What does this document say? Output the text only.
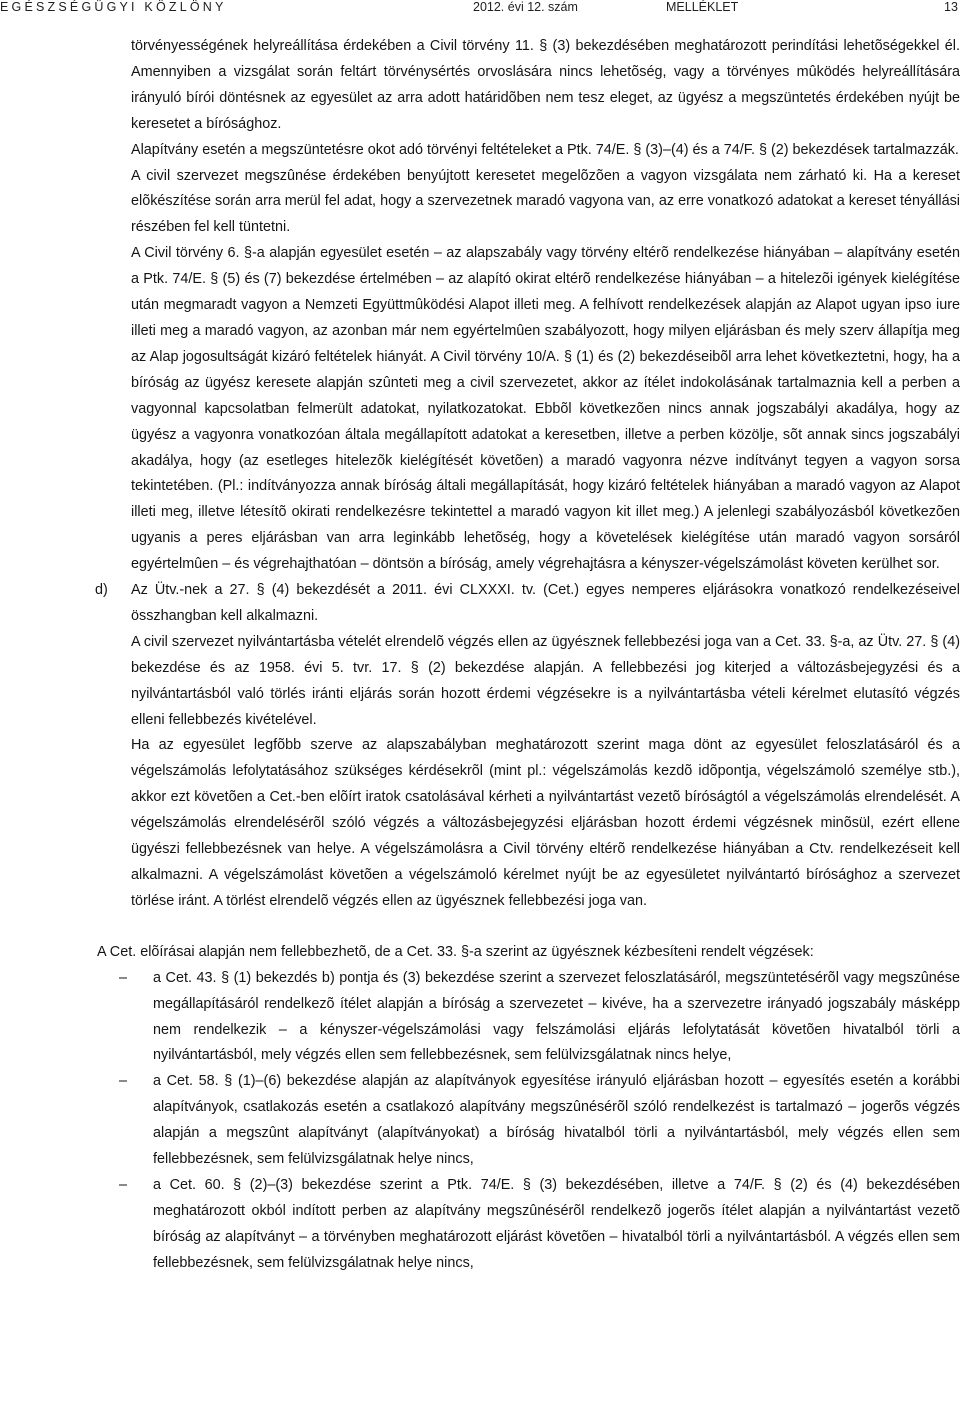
EGÉSZSÉGÜGYI KÖZLÖNY	2012. évi 12. szám	MELLÉKLET	13

törvényességének helyreállítása érdekében a Civil törvény 11. § (3) bekezdésében meghatározott perindítási lehetõségekkel él. Amennyiben a vizsgálat során feltárt törvénysértés orvoslására nincs lehetõség, vagy a törvényes mûködés helyreállítására irányuló bírói döntésnek az egyesület az arra adott határidõben nem tesz eleget, az ügyész a megszüntetés érdekében nyújt be keresetet a bírósághoz.

Alapítvány esetén a megszüntetésre okot adó törvényi feltételeket a Ptk. 74/E. § (3)–(4) és a 74/F. § (2) bekezdések tartalmazzák.

A civil szervezet megszûnése érdekében benyújtott keresetet megelõzõen a vagyon vizsgálata nem zárható ki. Ha a kereset elõkészítése során arra merül fel adat, hogy a szervezetnek maradó vagyona van, az erre vonatkozó adatokat a kereset tényállási részében fel kell tüntetni.

A Civil törvény 6. §-a alapján egyesület esetén – az alapszabály vagy törvény eltérõ rendelkezése hiányában – alapítvány esetén a Ptk. 74/E. § (5) és (7) bekezdése értelmében – az alapító okirat eltérõ rendelkezése hiányában – a hitelezõi igények kielégítése után megmaradt vagyon a Nemzeti Együttmûködési Alapot illeti meg. A felhívott rendelkezések alapján az Alapot ugyan ipso iure illeti meg a maradó vagyon, az azonban már nem egyértelmûen szabályozott, hogy milyen eljárásban és mely szerv állapítja meg az Alap jogosultságát kizáró feltételek hiányát. A Civil törvény 10/A. § (1) és (2) bekezdéseibõl arra lehet következtetni, hogy, ha a bíróság az ügyész keresete alapján szûnteti meg a civil szervezetet, akkor az ítélet indokolásának tartalmaznia kell a perben a vagyonnal kapcsolatban felmerült adatokat, nyilatkozatokat. Ebbõl következõen nincs annak jogszabályi akadálya, hogy az ügyész a vagyonra vonatkozóan általa megállapított adatokat a keresetben, illetve a perben közölje, sõt annak sincs jogszabályi akadálya, hogy (az esetleges hitelezõk kielégítését követõen) a maradó vagyonra nézve indítványt tegyen a vagyon sorsa tekintetében. (Pl.: indítványozza annak bíróság általi megállapítását, hogy kizáró feltételek hiányában a maradó vagyon az Alapot illeti meg, illetve létesítõ okirati rendelkezésre tekintettel a maradó vagyon kit illet meg.) A jelenlegi szabályozásból következõen ugyanis a peres eljárásban van arra leginkább lehetõség, hogy a követelések kielégítése után maradó vagyon sorsáról egyértelmûen – és végrehajthatóan – döntsön a bíróság, amely végrehajtásra a kényszer-végelszámolást követen kerülhet sor.

d) Az Ütv.-nek a 27. § (4) bekezdését a 2011. évi CLXXXI. tv. (Cet.) egyes nemperes eljárásokra vonatkozó rendelkezéseivel összhangban kell alkalmazni.

A civil szervezet nyilvántartásba vételét elrendelõ végzés ellen az ügyésznek fellebbezési joga van a Cet. 33. §-a, az Ütv. 27. § (4) bekezdése és az 1958. évi 5. tvr. 17. § (2) bekezdése alapján. A fellebbezési jog kiterjed a változásbejegyzési és a nyilvántartásból való törlés iránti eljárás során hozott érdemi végzésekre is a nyilvántartásba vételi kérelmet elutasító végzés elleni fellebbezés kivételével.

Ha az egyesület legfõbb szerve az alapszabályban meghatározott szerint maga dönt az egyesület feloszlatásáról és a végelszámolás lefolytatásához szükséges kérdésekrõl (mint pl.: végelszámolás kezdõ idõpontja, végelszámoló személye stb.), akkor ezt követõen a Cet.-ben elõírt iratok csatolásával kérheti a nyilvántartást vezetõ bíróságtól a végelszámolás elrendelését. A végelszámolás elrendelésérõl szóló végzés a változásbejegyzési eljárásban hozott érdemi végzésnek minõsül, ezért ellene ügyészi fellebbezésnek van helye. A végelszámolásra a Civil törvény eltérõ rendelkezése hiányában a Ctv. rendelkezéseit kell alkalmazni. A végelszámolást követõen a végelszámoló kérelmet nyújt be az egyesületet nyilvántartó bírósághoz a szervezet törlése iránt. A törlést elrendelõ végzés ellen az ügyésznek fellebbezési joga van.

A Cet. elõírásai alapján nem fellebbezhetõ, de a Cet. 33. §-a szerint az ügyésznek kézbesíteni rendelt végzések:

– a Cet. 43. § (1) bekezdés b) pontja és (3) bekezdése szerint a szervezet feloszlatásáról, megszüntetésérõl vagy megszûnése megállapításáról rendelkezõ ítélet alapján a bíróság a szervezetet – kivéve, ha a szervezetre irányadó jogszabály másképp nem rendelkezik – a kényszer-végelszámolási vagy felszámolási eljárás lefolytatását követõen hivatalból törli a nyilvántartásból, mely végzés ellen sem fellebbezésnek, sem felülvizsgálatnak nincs helye,
– a Cet. 58. § (1)–(6) bekezdése alapján az alapítványok egyesítése irányuló eljárásban hozott – egyesítés esetén a korábbi alapítványok, csatlakozás esetén a csatlakozó alapítvány megszûnésérõl szóló rendelkezést is tartalmazó – jogerõs végzés alapján a megszûnt alapítványt (alapítványokat) a bíróság hivatalból törli a nyilvántartásból, mely végzés ellen sem fellebbezésnek, sem felülvizsgálatnak helye nincs,
– a Cet. 60. § (2)–(3) bekezdése szerint a Ptk. 74/E. § (3) bekezdésében, illetve a 74/F. § (2) és (4) bekezdésében meghatározott okból indított perben az alapítvány megszûnésérõl rendelkezõ jogerõs ítélet alapján a nyilvántartást vezetõ bíróság az alapítványt – a törvényben meghatározott eljárást követõen – hivatalból törli a nyilvántartásból. A végzés ellen sem fellebbezésnek, sem felülvizsgálatnak helye nincs,
